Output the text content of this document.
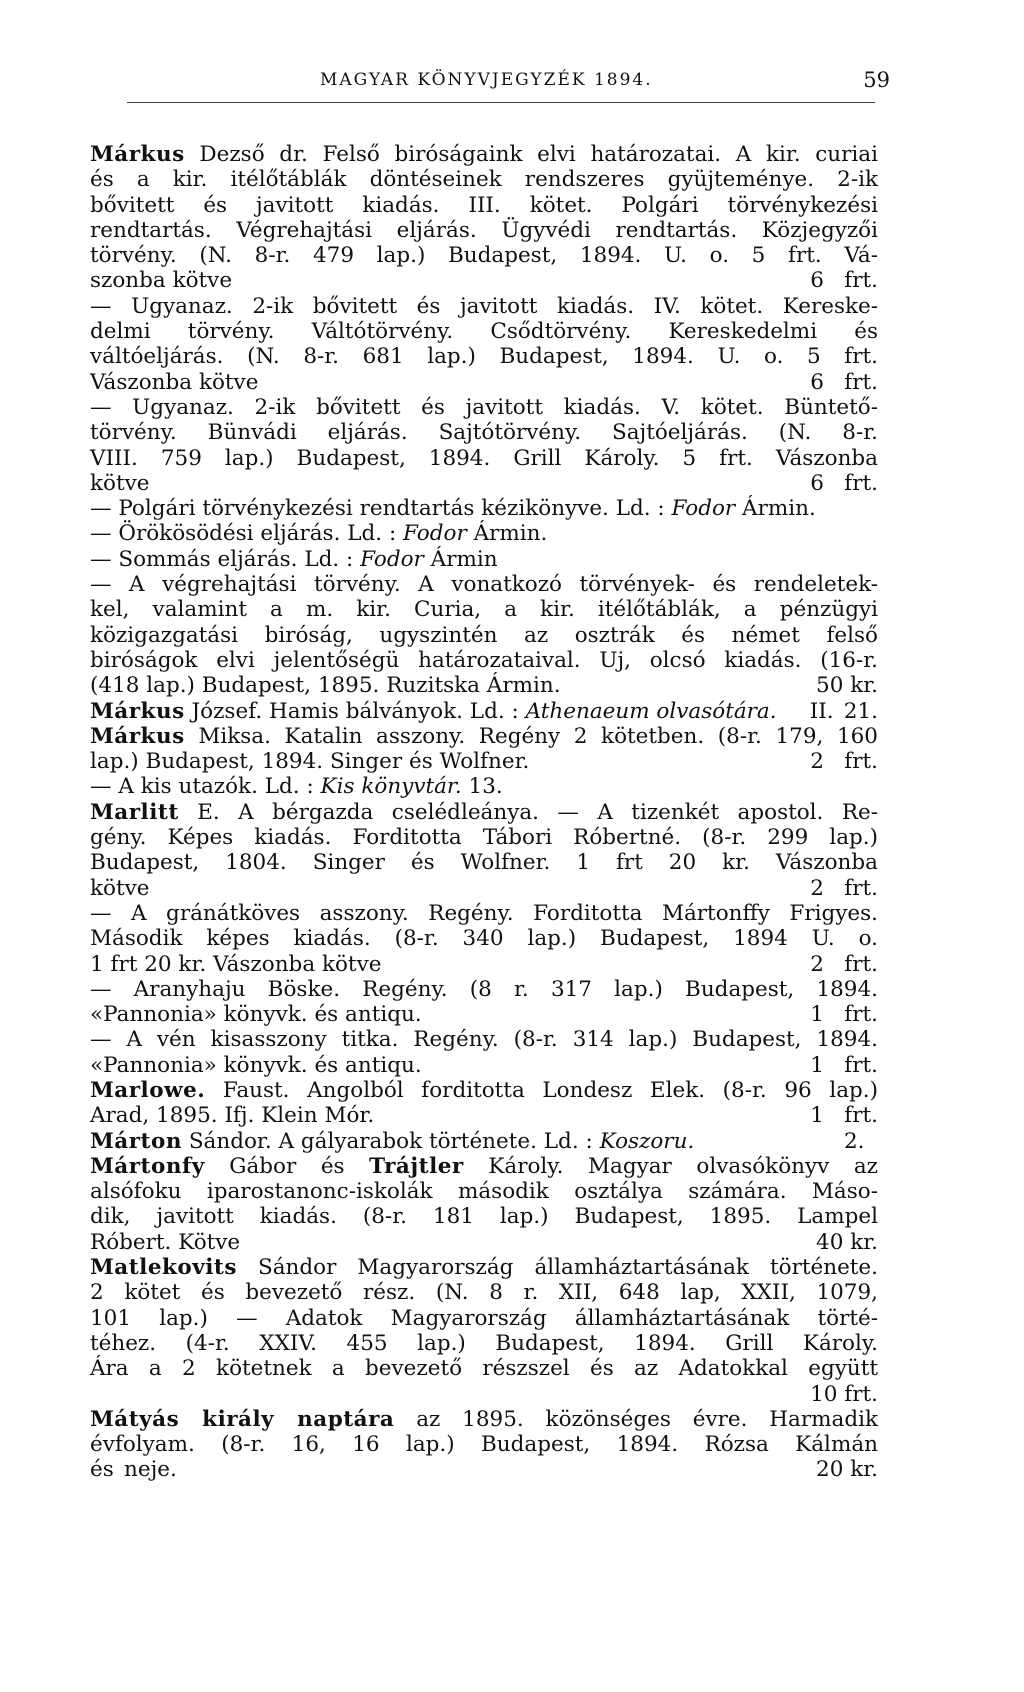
MAGYAR KÖNYVJEGYZÉK 1894.	59
Márkus Dezső dr. Felső biróságaink elvi határozatai. A kir. curiai
és a kir. itélőtáblák döntéseinek rendszeres gyüjteménye. 2-ik
bővitett és javitott kiadás. III. kötet. Polgári törvénykezési
rendtartás. Végrehajtási eljárás. Ügyvédi rendtartás. Közjegyzői
törvény. (N. 8-r. 479 lap.) Budapest, 1894. U. o. 5 frt. Vá-
szonba kötve	6 frt.
— Ugyanaz. 2-ik bővitett és javitott kiadás. IV. kötet. Kereske-
delmi törvény. Váltótörvény. Csődtörvény. Kereskedelmi és
váltóeljárás. (N. 8-r. 681 lap.) Budapest, 1894. U. o. 5 frt.
Vászonba kötve	6 frt.
— Ugyanaz. 2-ik bővitett és javitott kiadás. V. kötet. Büntető-
törvény. Bünvádi eljárás. Sajtótörvény. Sajtóeljárás. (N. 8-r.
VIII. 759 lap.) Budapest, 1894. Grill Károly. 5 frt. Vászonba
kötve	6 frt.
— Polgári törvénykezési rendtartás kézikönyve. Ld. : Fodor Ármin.
— Örökösödési eljárás. Ld. : Fodor Ármin.
— Sommás eljárás. Ld. : Fodor Ármin
— A végrehajtási törvény. A vonatkozó törvények- és rendeletek-
kel, valamint a m. kir. Curia, a kir. itélőtáblák, a pénzügyi
közigazgatási biróság, ugyszintén az osztrák és német felső
biróságok elvi jelentőségü határozataival. Uj, olcsó kiadás. (16-r.
(418 lap.) Budapest, 1895. Ruzitska Ármin.	50 kr.
Márkus József. Hamis bálványok. Ld. : Athenaeum olvasótára. II. 21.
Márkus Miksa. Katalin asszony. Regény 2 kötetben. (8-r. 179, 160
lap.) Budapest, 1894. Singer és Wolfner.	2 frt.
— A kis utazók. Ld. : Kis könyvtár. 13.
Marlitt E. A bérgazda cselédleánya. — A tizenkét apostol. Re-
gény. Képes kiadás. Forditotta Tábori Róbertné. (8-r. 299 lap.)
Budapest, 1804. Singer és Wolfner. 1 frt 20 kr. Vászonba
kötve	2 frt.
— A gránátköves asszony. Regény. Forditotta Mártonffy Frigyes.
Második képes kiadás. (8-r. 340 lap.) Budapest, 1894 U. o.
1 frt 20 kr. Vászonba kötve	2 frt.
— Aranyhaju Böske. Regény. (8 r. 317 lap.) Budapest, 1894.
«Pannonia» könyvk. és antiqu.	1 frt.
— A vén kisasszony titka. Regény. (8-r. 314 lap.) Budapest, 1894.
«Pannonia» könyvk. és antiqu.	1 frt.
Marlowe. Faust. Angolból forditotta Londesz Elek. (8-r. 96 lap.)
Arad, 1895. Ifj. Klein Mór.	1 frt.
Márton Sándor. A gályarabok története. Ld. : Koszoru.	2.
Mártonfy Gábor és Trájtler Károly. Magyar olvasókönyv az
alsófoku iparostanonc-iskolák második osztálya számára. Máso-
dik, javitott kiadás. (8-r. 181 lap.) Budapest, 1895. Lampel
Róbert. Kötve	40 kr.
Matlekovits Sándor Magyarország államháztartásának története.
2 kötet és bevezető rész. (N. 8 r. XII, 648 lap, XXII, 1079,
101 lap.) — Adatok Magyarország államháztartásának törté-
téhez. (4-r. XXIV. 455 lap.) Budapest, 1894. Grill Károly.
Ára a 2 kötetnek a bevezető részszel és az Adatokkal együtt
10 frt.
Mátyás király naptára az 1895. közönséges évre. Harmadik
évfolyam. (8-r. 16, 16 lap.) Budapest, 1894. Rózsa Kálmán
és neje.	20 kr.
